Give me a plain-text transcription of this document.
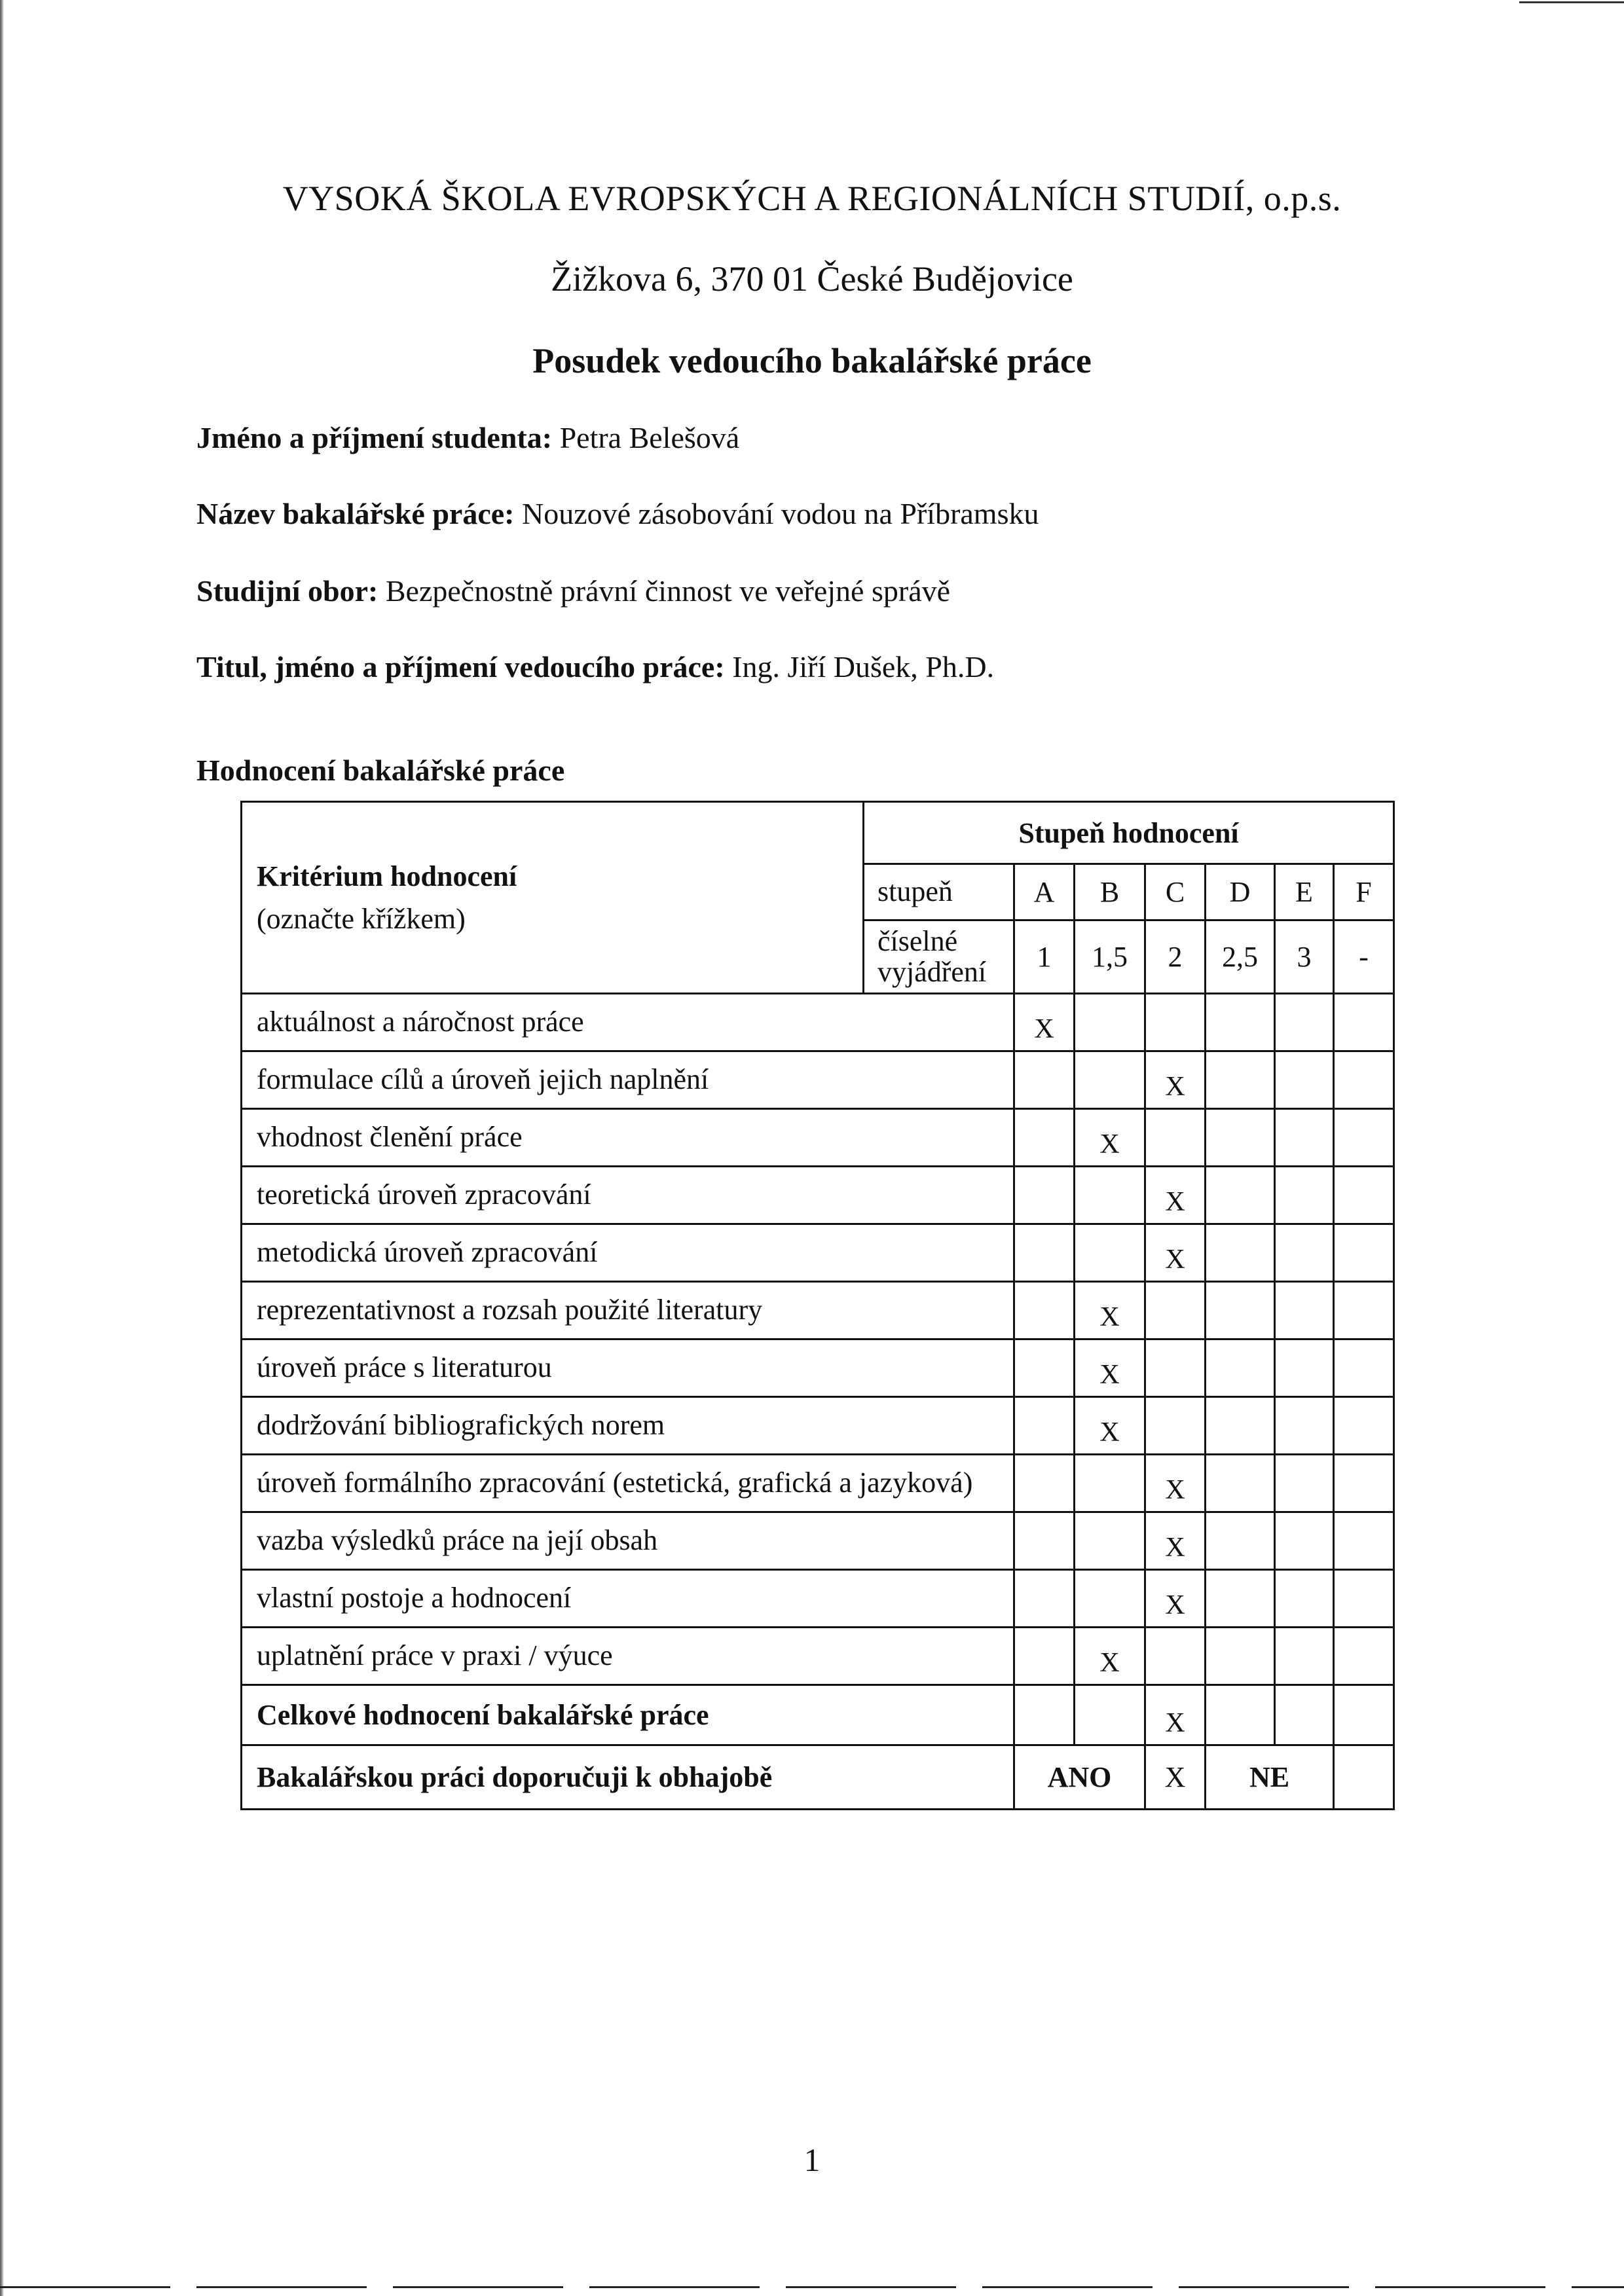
VYSOKÁ ŠKOLA EVROPSKÝCH A REGIONÁLNÍCH STUDIÍ, o.p.s.
Žižkova 6, 370 01 České Budějovice
Posudek vedoucího bakalářské práce
Jméno a příjmení studenta: Petra Belešová
Název bakalářské práce: Nouzové zásobování vodou na Příbramsku
Studijní obor: Bezpečnostně právní činnost ve veřejné správě
Titul, jméno a příjmení vedoucího práce: Ing. Jiří Dušek, Ph.D.
Hodnocení bakalářské práce
Kritérium hodnocení
(označte křížkem)	Stupeň hodnocení						
	stupeň	A	B	C	D	E	F
	číselné vyjádření	1	1,5	2	2,5	3	-
aktuálnost a náročnost práce		X					
formulace cílů a úroveň jejich naplnění				X			
vhodnost členění práce			X				
teoretická úroveň zpracování				X			
metodická úroveň zpracování				X			
reprezentativnost a rozsah použité literatury			X				
úroveň práce s literaturou			X				
dodržování bibliografických norem			X				
úroveň formálního zpracování (estetická, grafická a jazyková)				X			
vazba výsledků práce na její obsah				X			
vlastní postoje a hodnocení				X			
uplatnění práce v praxi / výuce			X				
Celkové hodnocení bakalářské práce				X			
Bakalářskou práci doporučuji k obhajobě		ANO		X	NE		
1
